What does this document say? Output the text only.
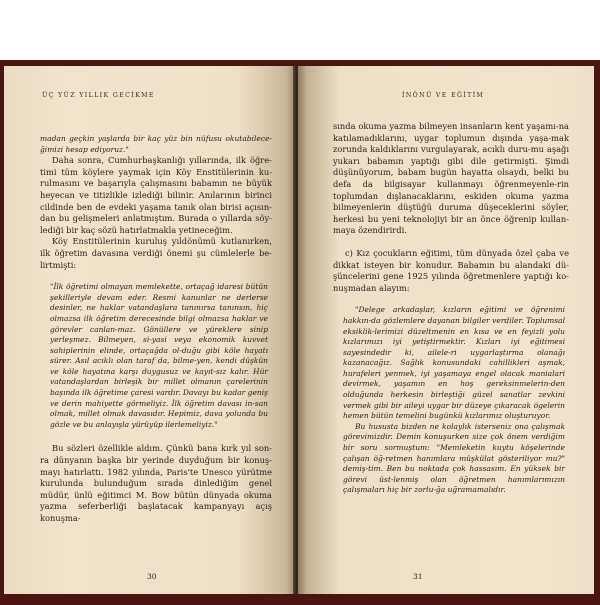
ÜÇ YÜZ YILLIK GECİKME

madan geçkin yaşlarda bir kaç yüz bin nüfusu okutabilece-ğimizi hesap ediyoruz."

Daha sonra, Cumhurbaşkanlığı yıllarında, ilk öğre-timi tüm köylere yaymak için Köy Enstitülerinin ku-rulmasını ve başarıyla çalışmasını babamın ne büyük heyecan ve titizlikle izlediği bilinir. Anılarının birinci cildinde ben de evdeki yaşama tanık olan birisi açısın-dan bu gelişmeleri anlatmıştım. Burada o yıllarda söy-lediği bir kaç sözü hatırlatmakla yetineceğim.

Köy Enstitülerinin kuruluş yıldönümü kutlanırken, ilk öğretim davasına verdiği önemi şu cümlelerle be-lirtmişti:

"İlk öğretimi olmayan memlekette, ortaçağ idaresi bütün şekilleriyle devam eder. Resmi kanunlar ne derlerse desinler, ne haklar vatandaşlara tanınırsa tanınsın, hiç olmazsa ilk öğretim derecesinde bilgi olmazsa haklar ve görevler canlan-maz. Gönüllere ve yüreklere sinip yerleşmez. Bilmeyen, si-yasi veya ekonomik kuvvet sahiplerinin elinde, ortaçağda ol-duğu gibi köle hayatı sürer. Asıl acıklı olan taraf da, bilme-yen, kendi düşkün ve köle hayatına karşı duygusuz ve kayıt-sız kalır. Hür vatandaşlardan birleşik bir millet olmanın çarelerinin başında ilk öğretime çaresi vardır. Davayı bu kadar geniş ve derin mahiyette görmeliyiz. İlk öğretim davası in-san olmak, millet olmak davasıdır. Hepimiz, dava yolunda bu gözle ve bu anlayışla yürüyüp ilerlemeliyiz."

Bu sözleri özellikle aldım. Çünkü bana kırk yıl son-ra dünyanın başka bir yerinde duyduğum bir konuş-mayı hatırlattı. 1982 yılında, Paris'te Unesco yürütme kurulunda bulunduğum sırada dinlediğim genel müdür, ünlü eğitimci M. Bow bütün dünyada okuma yazma seferberliği başlatacak kampanyayı açış konuşma-

30
İNÖNÜ VE EĞİTİM

sında okuma yazma bilmeyen insanların kent yaşamı-na katılamadıklarını, uygar toplumun dışında yaşa-mak zorunda kaldıklarını vurgulayarak, acıklı duru-mu aşağı yukarı babamın yaptığı gibi dile getirmişti. Şimdi düşünüyorum, babam bugün hayatta olsaydı, belki bu defa da bilgisayar kullanmayı öğrenmeyenle-rin toplumdan dışlanacaklarını, eskiden okuma yazma bilmeyenlerin düştüğü duruma düşeceklerini söyler, herkesi bu yeni teknolojiyi bir an önce öğrenip kullan-maya özendirirdi.

c) Kız çocukların eğitimi, tüm dünyada özel çaba ve dikkat isteyen bir konudur. Babamın bu alandaki dü-şüncelerini gene 1925 yılında öğretmenlere yaptığı ko-nuşmadan alayım:

"Delege arkadaşlar, kızların eğitimi ve öğrenimi hakkın-da gözlemlere dayanan bilgiler verdiler. Toplumsal eksiklik-lerimizi düzeltmenin en kısa ve en feyizli yolu kızlarımızı iyi yetiştirmektir. Kızları iyi eğitimesi sayesindedir ki, ailele-ri uygarlaştırma olanağı kazanacağız. Sağlık konusundaki cahillikleri aşmak, hurafeleri yenmek, iyi yaşamaya engel olacak manialari devirmek, yaşamın en hoş gereksinmelerin-den olduğunda herkesin birleştiği güzel sanatlar zevkini vermek gibi bir aileyi uygar bir düzeye çıkaracak ögelerin hemen bütün temelini bugünkü kızlarımız oluşturuyor.

Bu hususta bizden ne kolaylık isterseniz ona çalışmak görevimizdir. Demin konuşurken size çok önem verdiğim bir soru sormuştum: "Memleketin kuytu köşelerinde çalışan öğ-retmen hanımlara müşkülat gösteriliyor mu?" demiş-tim. Ben bu noktada çok hassasım. En yüksek bir görevi üst-lenmiş olan öğretmen hanımlarımızın çalışmaları hiç bir zorlu-ğa uğramamalıdır.

31
